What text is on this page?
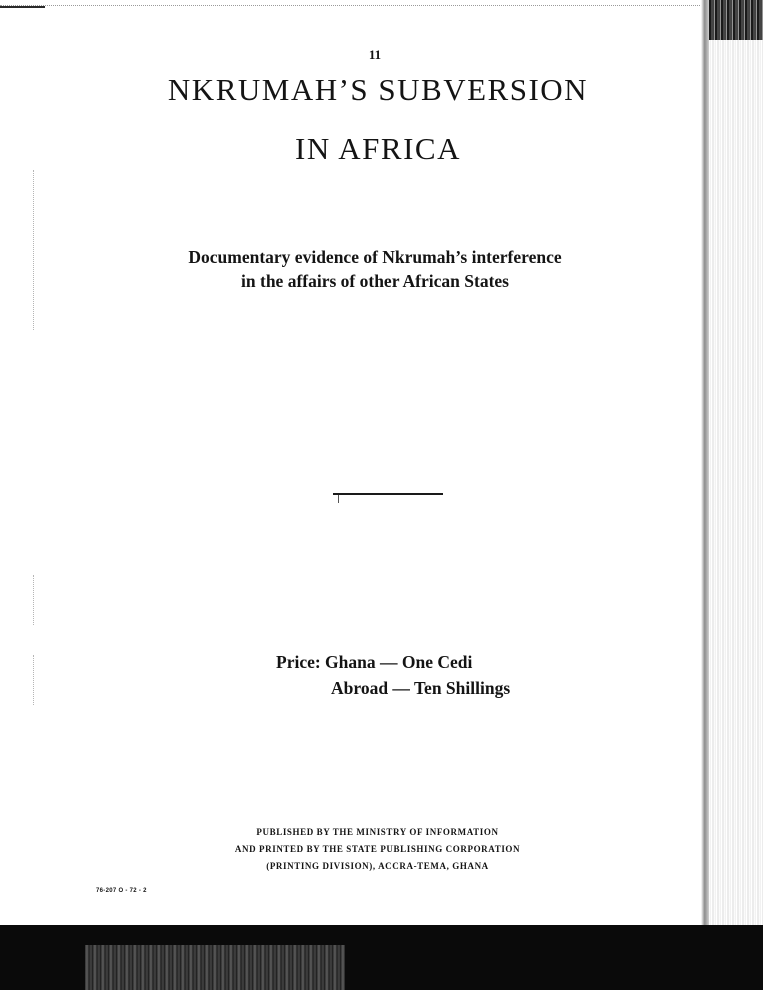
11
NKRUMAH’S SUBVERSION
IN AFRICA
Documentary evidence of Nkrumah’s interference
in the affairs of other African States
Price: Ghana — One Cedi
Abroad — Ten Shillings
PUBLISHED BY THE MINISTRY OF INFORMATION
AND PRINTED BY THE STATE PUBLISHING CORPORATION
(PRINTING DIVISION), ACCRA-TEMA, GHANA
76-207 O - 72 - 2
